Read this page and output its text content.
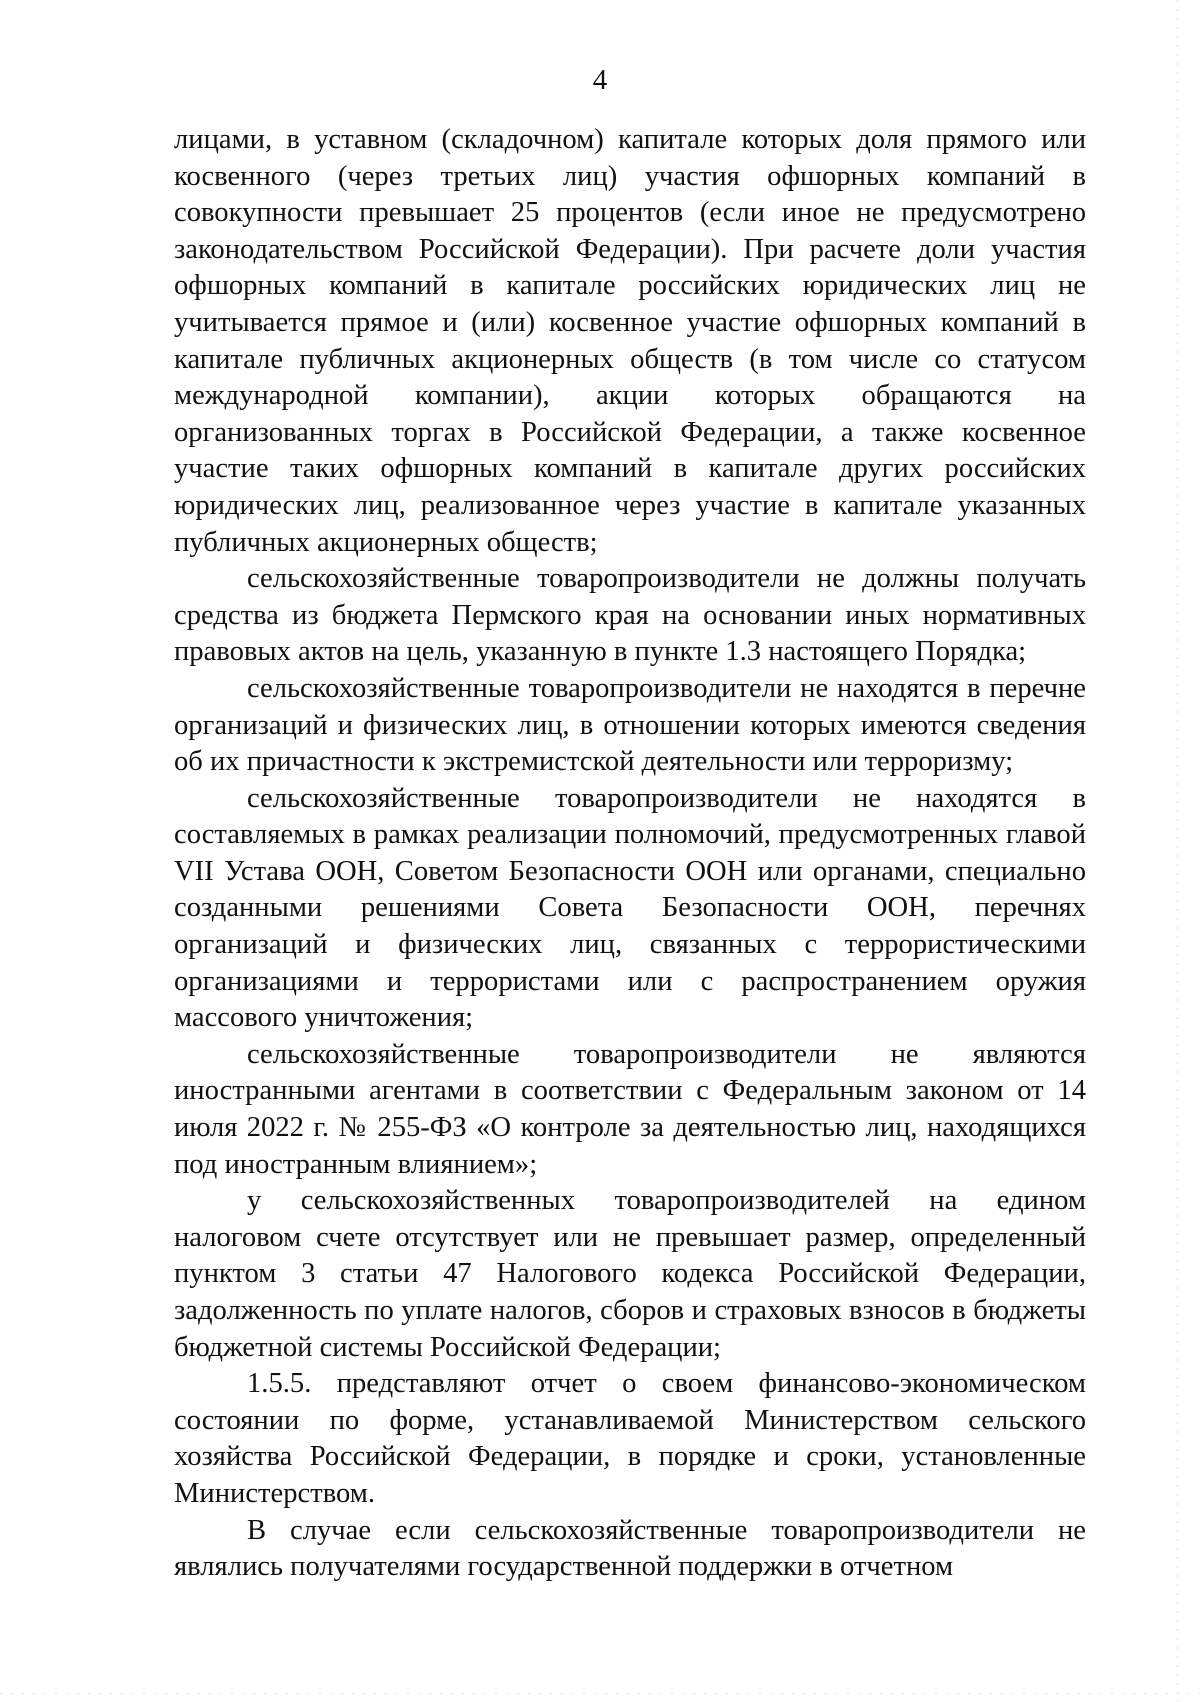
4

лицами, в уставном (складочном) капитале которых доля прямого или косвенного (через третьих лиц) участия офшорных компаний в совокупности превышает 25 процентов (если иное не предусмотрено законодательством Российской Федерации). При расчете доли участия офшорных компаний в капитале российских юридических лиц не учитывается прямое и (или) косвенное участие офшорных компаний в капитале публичных акционерных обществ (в том числе со статусом международной компании), акции которых обращаются на организованных торгах в Российской Федерации, а также косвенное участие таких офшорных компаний в капитале других российских юридических лиц, реализованное через участие в капитале указанных публичных акционерных обществ;

сельскохозяйственные товаропроизводители не должны получать средства из бюджета Пермского края на основании иных нормативных правовых актов на цель, указанную в пункте 1.3 настоящего Порядка;

сельскохозяйственные товаропроизводители не находятся в перечне организаций и физических лиц, в отношении которых имеются сведения об их причастности к экстремистской деятельности или терроризму;

сельскохозяйственные товаропроизводители не находятся в составляемых в рамках реализации полномочий, предусмотренных главой VII Устава ООН, Советом Безопасности ООН или органами, специально созданными решениями Совета Безопасности ООН, перечнях организаций и физических лиц, связанных с террористическими организациями и террористами или с распространением оружия массового уничтожения;

сельскохозяйственные товаропроизводители не являются иностранными агентами в соответствии с Федеральным законом от 14 июля 2022 г. № 255-ФЗ «О контроле за деятельностью лиц, находящихся под иностранным влиянием»;

у сельскохозяйственных товаропроизводителей на едином налоговом счете отсутствует или не превышает размер, определенный пунктом 3 статьи 47 Налогового кодекса Российской Федерации, задолженность по уплате налогов, сборов и страховых взносов в бюджеты бюджетной системы Российской Федерации;

1.5.5. представляют отчет о своем финансово-экономическом состоянии по форме, устанавливаемой Министерством сельского хозяйства Российской Федерации, в порядке и сроки, установленные Министерством.

В случае если сельскохозяйственные товаропроизводители не являлись получателями государственной поддержки в отчетном
